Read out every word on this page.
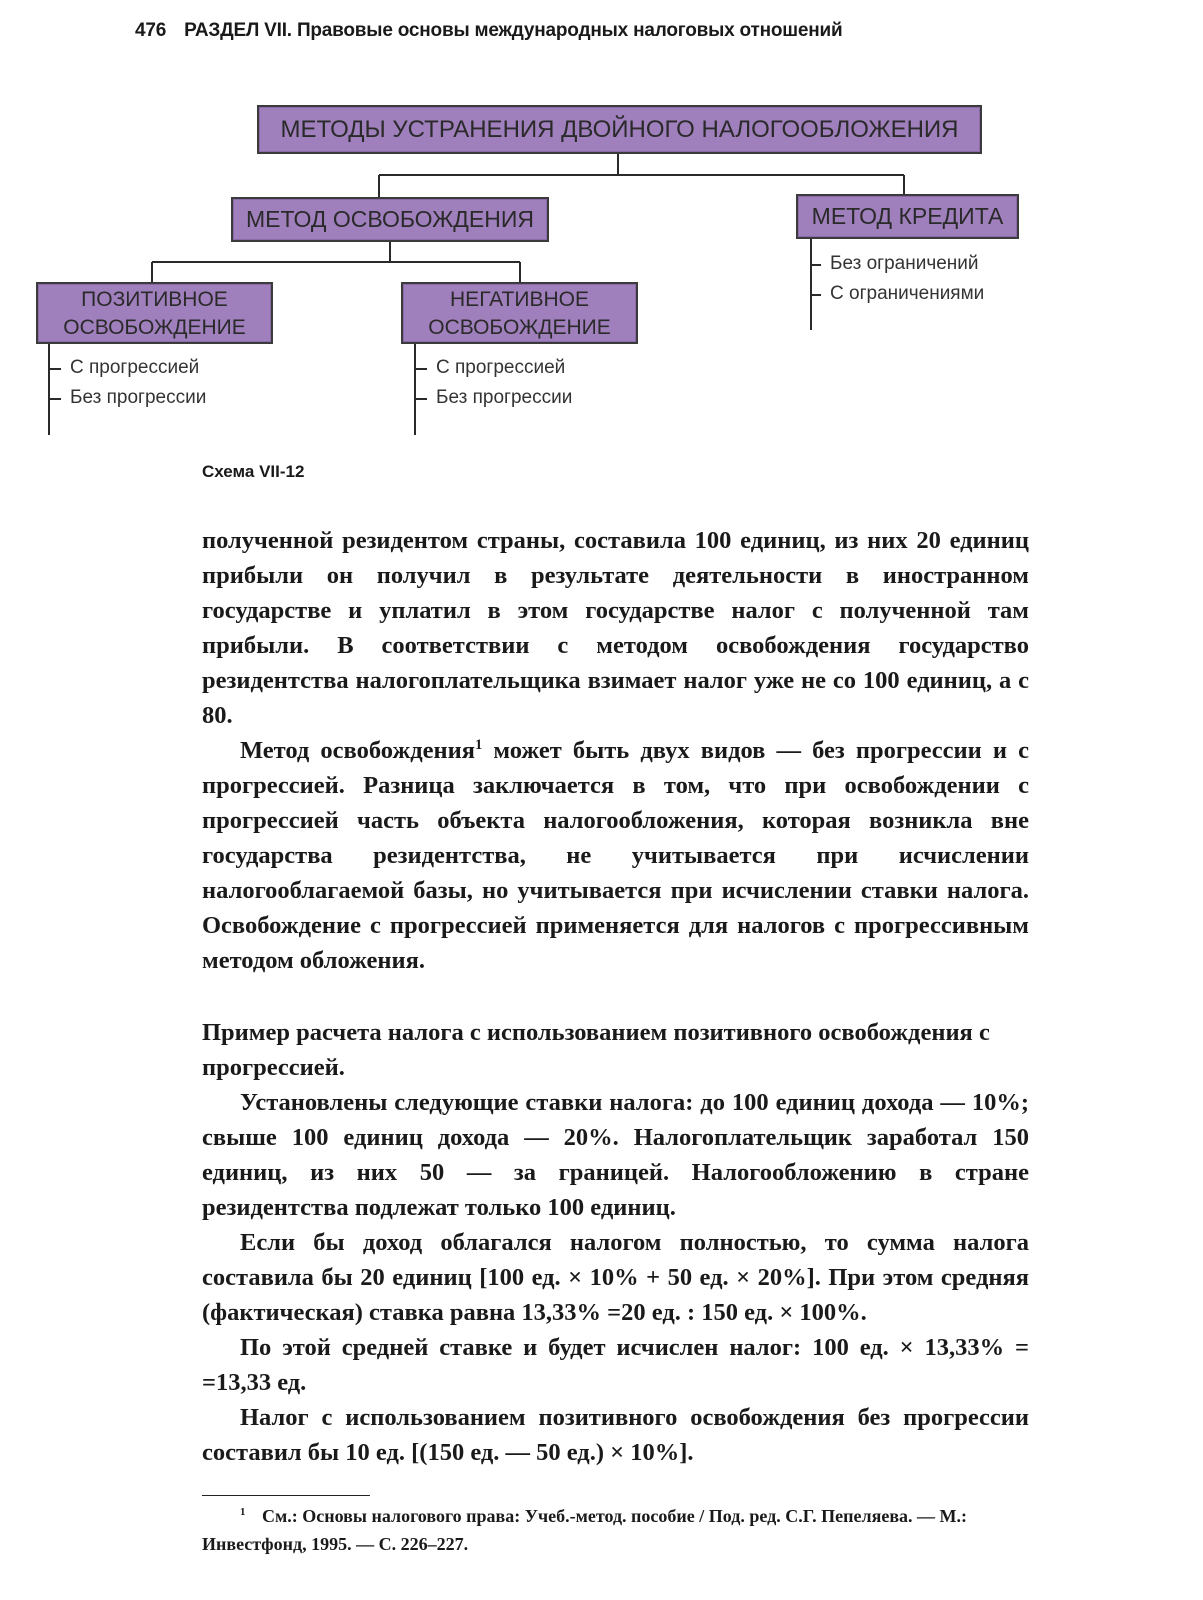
476 РАЗДЕЛ VII. Правовые основы международных налоговых отношений
МЕТОДЫ УСТРАНЕНИЯ ДВОЙНОГО НАЛОГООБЛОЖЕНИЯ
МЕТОД ОСВОБОЖДЕНИЯ	МЕТОД КРЕДИТА
ПОЗИТИВНОЕ
ОСВОБОЖДЕНИЕ
НЕГАТИВНОЕ
ОСВОБОЖДЕНИЕ
Без ограничений
С ограничениями
С прогрессией
Без прогрессии
С прогрессией
Без прогрессии
Схема VII-12

полученной резидентом страны, составила 100 единиц, из них 20 единиц прибыли он получил в результате деятельности в иностранном государстве и уплатил в этом государстве налог с полученной там прибыли. В соответствии с методом освобождения государство резидентства налогоплательщика взимает налог уже не со 100 единиц, а с 80.

Метод освобождения$^1$ может быть двух видов — без прогрессии и с прогрессией. Разница заключается в том, что при освобождении с прогрессией часть объекта налогообложения, которая возникла вне государства резидентства, не учитывается при исчислении налогооблагаемой базы, но учитывается при исчислении ставки налога. Освобождение с прогрессией применяется для налогов с прогрессивным методом обложения.

Пример расчета налога с использованием позитивного освобождения с прогрессией.

Установлены следующие ставки налога: до 100 единиц дохода — 10%; свыше 100 единиц дохода — 20%. Налогоплательщик заработал 150 единиц, из них 50 — за границей. Налогообложению в стране резидентства подлежат только 100 единиц.

Если бы доход облагался налогом полностью, то сумма налога составила бы 20 единиц [100 ед. × 10% + 50 ед. × 20%]. При этом средняя (фактическая) ставка равна 13,33% =20 ед. : 150 ед. × 100%.

По этой средней ставке и будет исчислен налог: 100 ед. × 13,33% = =13,33 ед.

Налог с использованием позитивного освобождения без прогрессии составил бы 10 ед. [(150 ед. — 50 ед.) × 10%].

$^1$ См.: Основы налогового права: Учеб.-метод. пособие / Под. ред. С.Г. Пепеляева. — М.: Инвестфонд, 1995. — С. 226–227.
